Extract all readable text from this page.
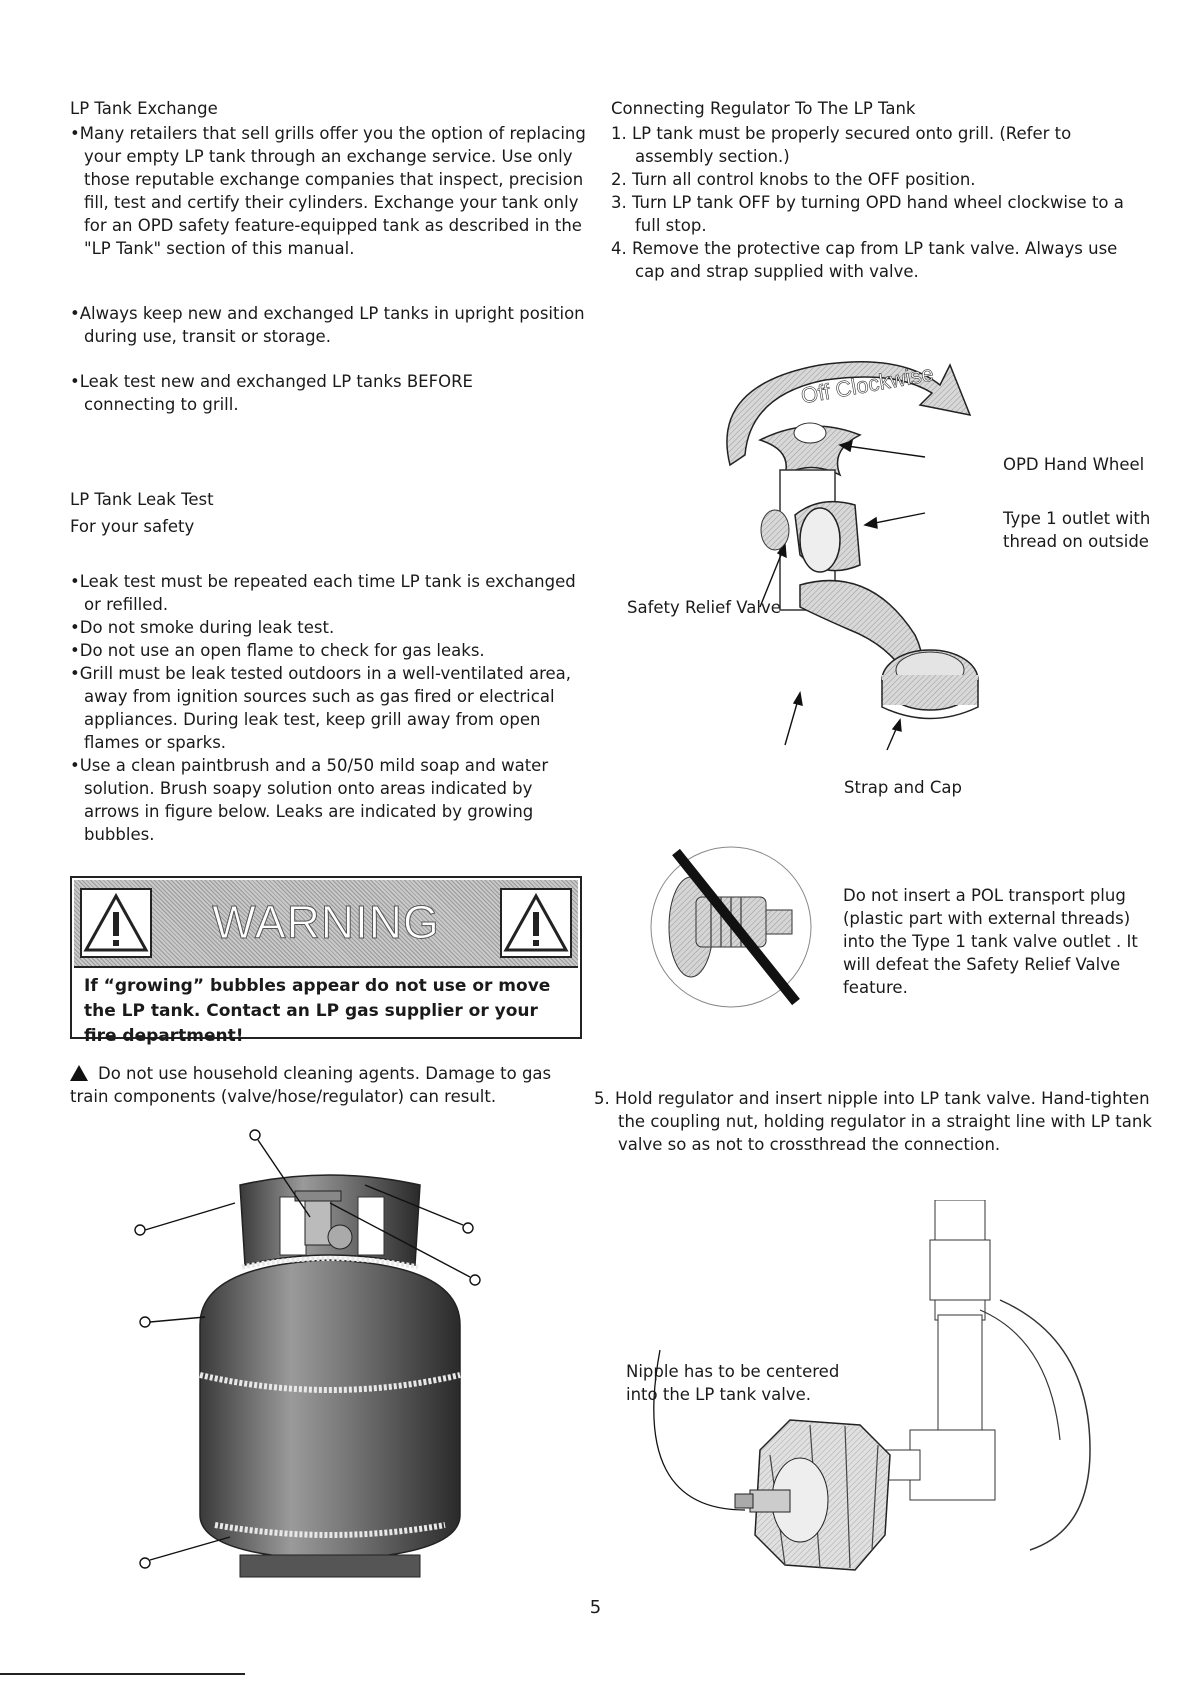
LP Tank Exchange

•Many retailers that sell grills offer you the option of replacing your empty LP tank through an exchange service. Use only those reputable exchange companies that inspect, precision fill, test and certify their cylinders. Exchange your tank only for an OPD safety feature-equipped tank as described in the "LP Tank" section of this manual.

•Always keep new and exchanged LP tanks in upright position during use, transit or storage.

•Leak test new and exchanged LP tanks BEFORE connecting to grill.

LP Tank Leak Test

For your safety

•Leak test must be repeated each time LP tank is exchanged or refilled.

•Do not smoke during leak test.

•Do not use an open flame to check for gas leaks.

•Grill must be leak tested outdoors in a well-ventilated area, away from ignition sources such as gas fired or electrical appliances. During leak test, keep grill away from open flames or sparks.

•Use a clean paintbrush and a 50/50 mild soap and water solution. Brush soapy solution onto areas indicated by arrows in figure below. Leaks are indicated by growing bubbles.

WARNING
If “growing” bubbles appear do not use or move the LP tank. Contact an LP gas supplier or your fire department!

Do not use household cleaning agents. Damage to gas train components (valve/hose/regulator) can result.

Connecting Regulator To The LP Tank

1. LP tank must be properly secured onto grill. (Refer to assembly section.)

2. Turn all control knobs to the OFF position.

3. Turn LP tank OFF by turning OPD hand wheel clockwise to a full stop.

4. Remove the protective cap from LP tank valve. Always use cap and strap supplied with valve.

Off Clockwise
OPD Hand Wheel
Type 1 outlet with
thread on outside
Safety Relief Valve
Strap and Cap

Do not insert a POL transport plug (plastic part with external threads) into the Type 1 tank valve outlet . It will defeat the Safety Relief Valve feature.

5. Hold regulator and insert nipple into LP tank valve. Hand-tighten the coupling nut, holding regulator in a straight line with LP tank valve so as not to crossthread the connection.

Nipple has to be centered
into the LP tank valve.
5
